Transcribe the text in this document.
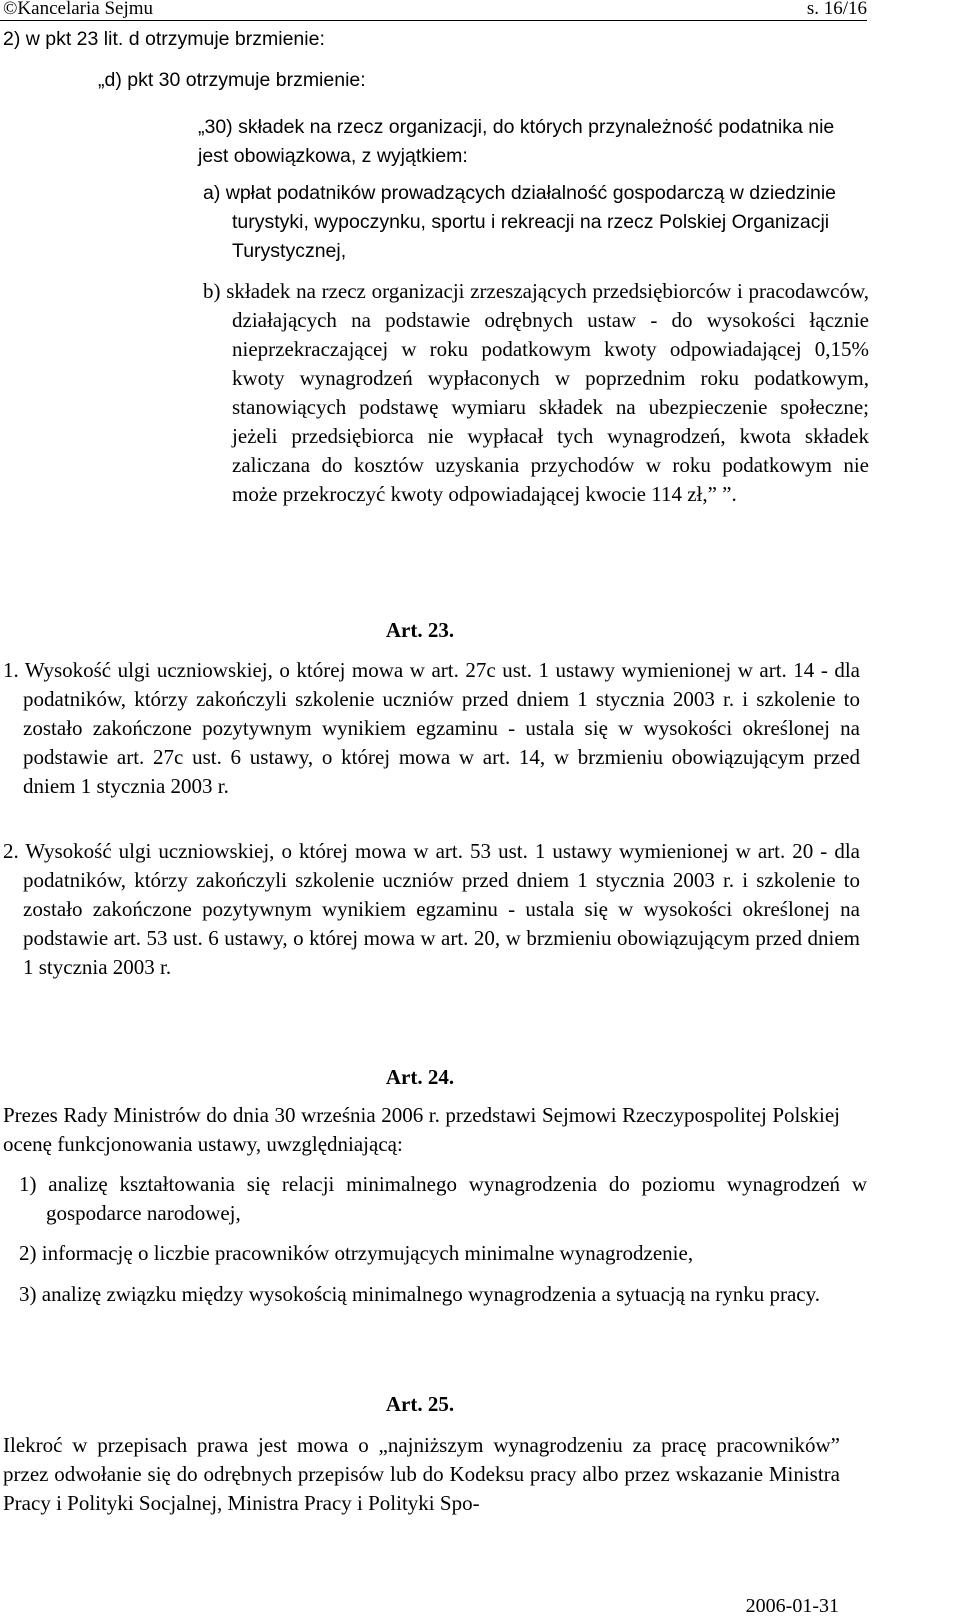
©Kancelaria Sejmu	s. 16/16

2) w pkt 23 lit. d otrzymuje brzmienie:

„d) pkt 30 otrzymuje brzmienie:

„30) składek na rzecz organizacji, do których przynależność podatnika nie jest obowiązkowa, z wyjątkiem:

a) wpłat podatników prowadzących działalność gospodarczą w dziedzinie turystyki, wypoczynku, sportu i rekreacji na rzecz Polskiej Organizacji Turystycznej,

b) składek na rzecz organizacji zrzeszających przedsiębiorców i pracodawców, działających na podstawie odrębnych ustaw - do wysokości łącznie nieprzekraczającej w roku podatkowym kwoty odpowiadającej 0,15% kwoty wynagrodzeń wypłaconych w poprzednim roku podatkowym, stanowiących podstawę wymiaru składek na ubezpieczenie społeczne; jeżeli przedsiębiorca nie wypłacał tych wynagrodzeń, kwota składek zaliczana do kosztów uzyskania przychodów w roku podatkowym nie może przekroczyć kwoty odpowiadającej kwocie 114 zł,” ”.

Art. 23.

1. Wysokość ulgi uczniowskiej, o której mowa w art. 27c ust. 1 ustawy wymienionej w art. 14 - dla podatników, którzy zakończyli szkolenie uczniów przed dniem 1 stycznia 2003 r. i szkolenie to zostało zakończone pozytywnym wynikiem egzaminu - ustala się w wysokości określonej na podstawie art. 27c ust. 6 ustawy, o której mowa w art. 14, w brzmieniu obowiązującym przed dniem 1 stycznia 2003 r.

2. Wysokość ulgi uczniowskiej, o której mowa w art. 53 ust. 1 ustawy wymienionej w art. 20 - dla podatników, którzy zakończyli szkolenie uczniów przed dniem 1 stycznia 2003 r. i szkolenie to zostało zakończone pozytywnym wynikiem egzaminu - ustala się w wysokości określonej na podstawie art. 53 ust. 6 ustawy, o której mowa w art. 20, w brzmieniu obowiązującym przed dniem 1 stycznia 2003 r.

Art. 24.

Prezes Rady Ministrów do dnia 30 września 2006 r. przedstawi Sejmowi Rzeczypospolitej Polskiej ocenę funkcjonowania ustawy, uwzględniającą:

1) analizę kształtowania się relacji minimalnego wynagrodzenia do poziomu wynagrodzeń w gospodarce narodowej,

2) informację o liczbie pracowników otrzymujących minimalne wynagrodzenie,

3) analizę związku między wysokością minimalnego wynagrodzenia a sytuacją na rynku pracy.

Art. 25.

Ilekroć w przepisach prawa jest mowa o „najniższym wynagrodzeniu za pracę pracowników” przez odwołanie się do odrębnych przepisów lub do Kodeksu pracy albo przez wskazanie Ministra Pracy i Polityki Socjalnej, Ministra Pracy i Polityki Spo-

2006-01-31
